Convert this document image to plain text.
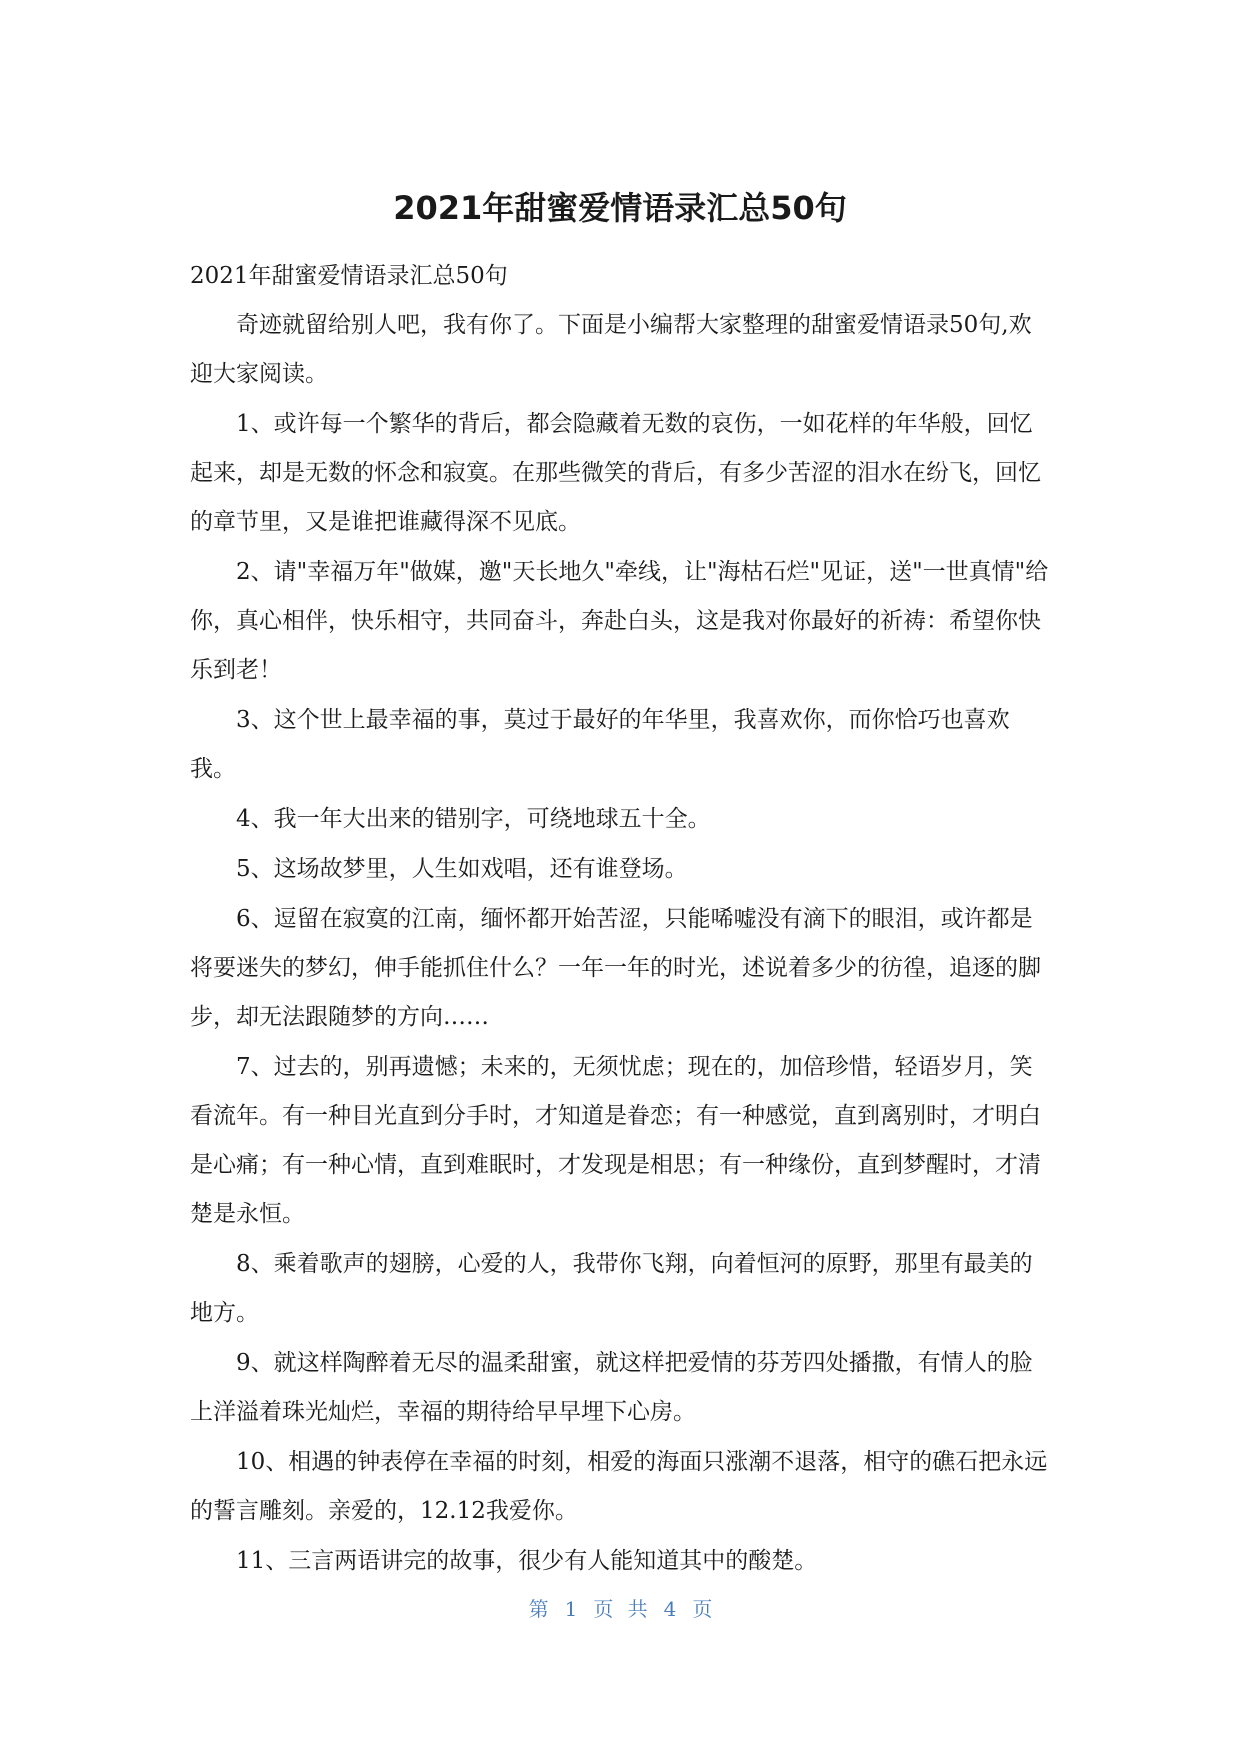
2021年甜蜜爱情语录汇总50句

2021年甜蜜爱情语录汇总50句

奇迹就留给别人吧，我有你了。下面是小编帮大家整理的甜蜜爱情语录50句,欢迎大家阅读。

1、或许每一个繁华的背后，都会隐藏着无数的哀伤，一如花样的年华般，回忆起来，却是无数的怀念和寂寞。在那些微笑的背后，有多少苦涩的泪水在纷飞，回忆的章节里，又是谁把谁藏得深不见底。

2、请"幸福万年"做媒，邀"天长地久"牵线，让"海枯石烂"见证，送"一世真情"给你，真心相伴，快乐相守，共同奋斗，奔赴白头，这是我对你最好的祈祷：希望你快乐到老！

3、这个世上最幸福的事，莫过于最好的年华里，我喜欢你，而你恰巧也喜欢我。

4、我一年大出来的错别字，可绕地球五十全。

5、这场故梦里，人生如戏唱，还有谁登场。

6、逗留在寂寞的江南，缅怀都开始苦涩，只能唏嘘没有滴下的眼泪，或许都是将要迷失的梦幻，伸手能抓住什么？一年一年的时光，述说着多少的彷徨，追逐的脚步，却无法跟随梦的方向……

7、过去的，别再遗憾；未来的，无须忧虑；现在的，加倍珍惜，轻语岁月，笑看流年。有一种目光直到分手时，才知道是眷恋；有一种感觉，直到离别时，才明白是心痛；有一种心情，直到难眠时，才发现是相思；有一种缘份，直到梦醒时，才清楚是永恒。

8、乘着歌声的翅膀，心爱的人，我带你飞翔，向着恒河的原野，那里有最美的地方。

9、就这样陶醉着无尽的温柔甜蜜，就这样把爱情的芬芳四处播撒，有情人的脸上洋溢着珠光灿烂，幸福的期待给早早埋下心房。

10、相遇的钟表停在幸福的时刻，相爱的海面只涨潮不退落，相守的礁石把永远的誓言雕刻。亲爱的，12.12我爱你。

11、三言两语讲完的故事，很少有人能知道其中的酸楚。

第 1 页 共 4 页
